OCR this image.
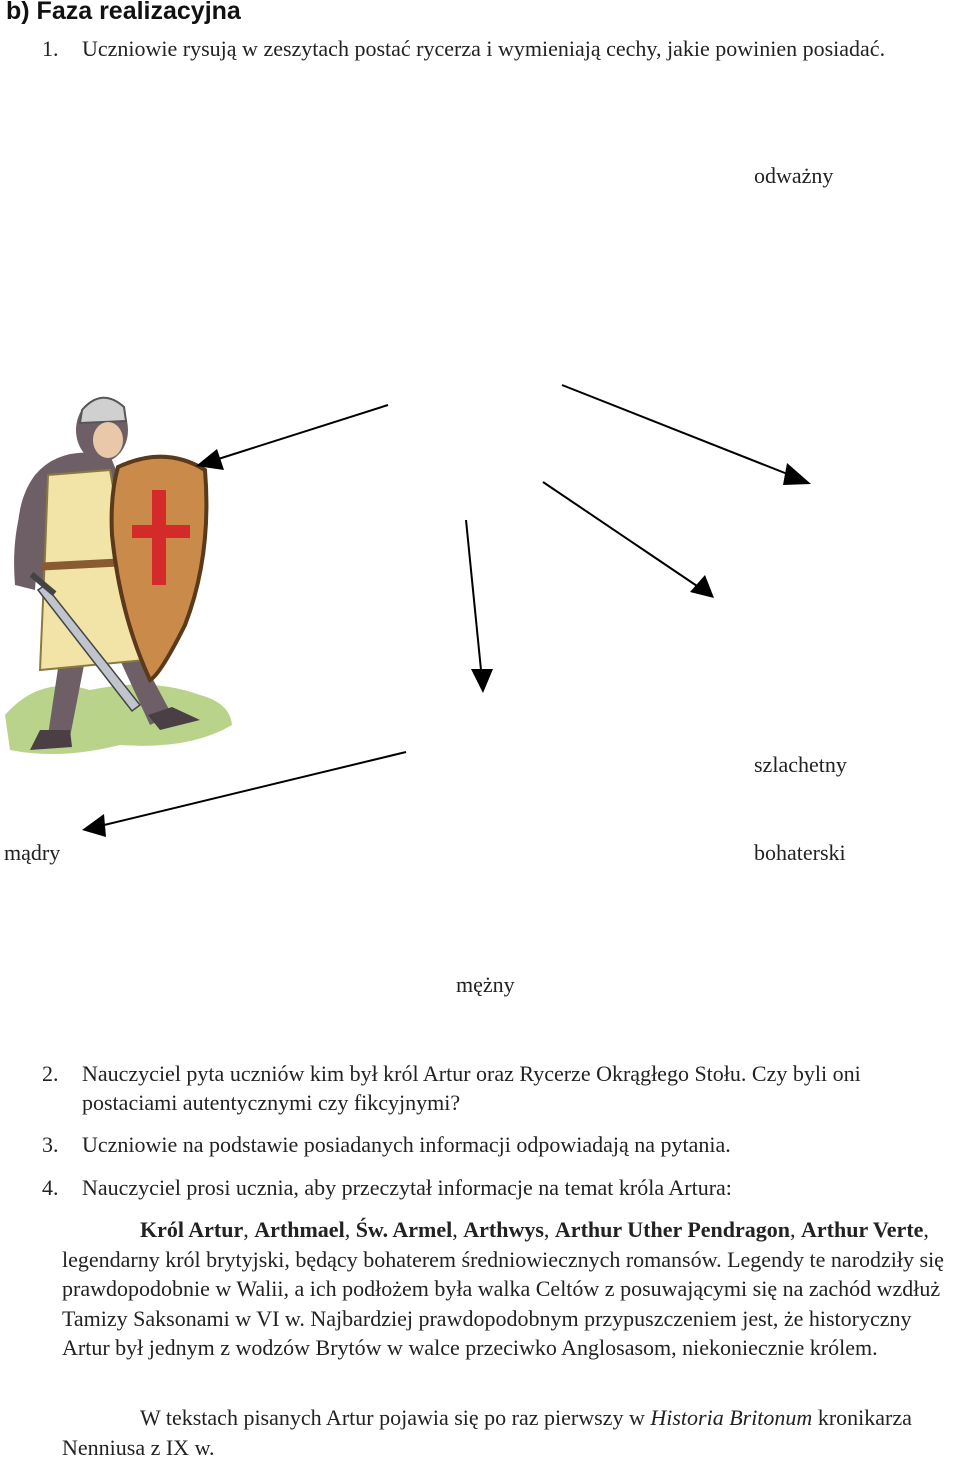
b) Faza realizacyjna
1.	Uczniowie rysują w zeszytach postać rycerza i wymieniają cechy, jakie powinien posiadać.
odważny
szlachetny
mądry	bohaterski
mężny
2.	Nauczyciel pyta uczniów kim był król Artur oraz Rycerze Okrągłego Stołu. Czy byli oni postaciami autentycznymi czy fikcyjnymi?
3.	Uczniowie na podstawie posiadanych informacji odpowiadają na pytania.
4.	Nauczyciel prosi ucznia, aby przeczytał informacje na temat króla Artura:
Król Artur, Arthmael, Św. Armel, Arthwys, Arthur Uther Pendragon, Arthur Verte, legendarny król brytyjski, będący bohaterem średniowiecznych romansów. Legendy te narodziły się prawdopodobnie w Walii, a ich podłożem była walka Celtów z posuwającymi się na zachód wzdłuż Tamizy Saksonami w VI w. Najbardziej prawdopodobnym przypuszczeniem jest, że historyczny Artur był jednym z wodzów Brytów w walce przeciwko Anglosasom, niekoniecznie królem.
W tekstach pisanych Artur pojawia się po raz pierwszy w Historia Britonum kronikarza Nenniusa z IX w.
